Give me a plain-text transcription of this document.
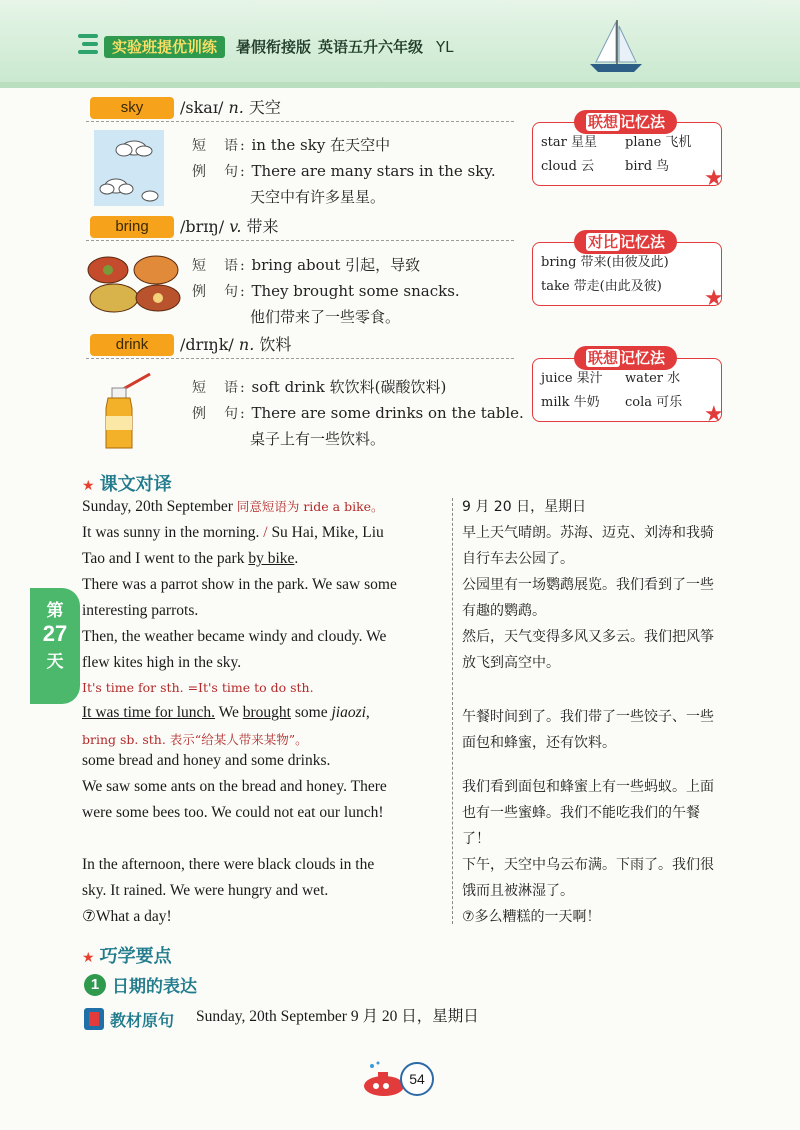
实验班提优训练	暑假衔接版 英语五升六年级 YL
sky	/skaɪ/ n. 天空
短　语: in the sky 在天空中
例　句: There are many stars in the sky.
天空中有许多星星。
bring	/brɪŋ/ v. 带来
短　语: bring about 引起，导致
例　句: They brought some snacks.
他们带来了一些零食。
drink	/drɪŋk/ n. 饮料
短　语: soft drink 软饮料(碳酸饮料)
例　句: There are some drinks on the table.
桌子上有一些饮料。
star 星星 plane 飞机
cloud 云 bird 鸟
联想 记忆法
★
bring 带来(由彼及此)
take 带走(由此及彼)
对比 记忆法
★
juice 果汁 water 水
milk 牛奶 cola 可乐
联想 记忆法
★
★ 课文对译
Sunday, 20th September 同意短语为 ride a bike。
It was sunny in the morning. / Su Hai, Mike, Liu
Tao and I went to the park by bike.
There was a parrot show in the park. We saw some
interesting parrots.
Then, the weather became windy and cloudy. We
flew kites high in the sky.
It's time for sth. =It's time to do sth.
It was time for lunch. We brought some jiaozi,
bring sb. sth. 表示“给某人带来某物”。
some bread and honey and some drinks.
We saw some ants on the bread and honey. There
were some bees too. We could not eat our lunch!
In the afternoon, there were black clouds in the
sky. It rained. We were hungry and wet.
⑦What a day!
9 月 20 日，星期日
早上天气晴朗。苏海、迈克、刘涛和我骑
自行车去公园了。
公园里有一场鹦鹉展览。我们看到了一些
有趣的鹦鹉。
然后，天气变得多风又多云。我们把风筝
放飞到高空中。
午餐时间到了。我们带了一些饺子、一些
面包和蜂蜜，还有饮料。
我们看到面包和蜂蜜上有一些蚂蚁。上面
也有一些蜜蜂。我们不能吃我们的午餐
了！
下午，天空中乌云布满。下雨了。我们很
饿而且被淋湿了。
⑦多么糟糕的一天啊！
第
27
天
★ 巧学要点
1 日期的表达
教材原句 Sunday, 20th September 9 月 20 日，星期日
54
